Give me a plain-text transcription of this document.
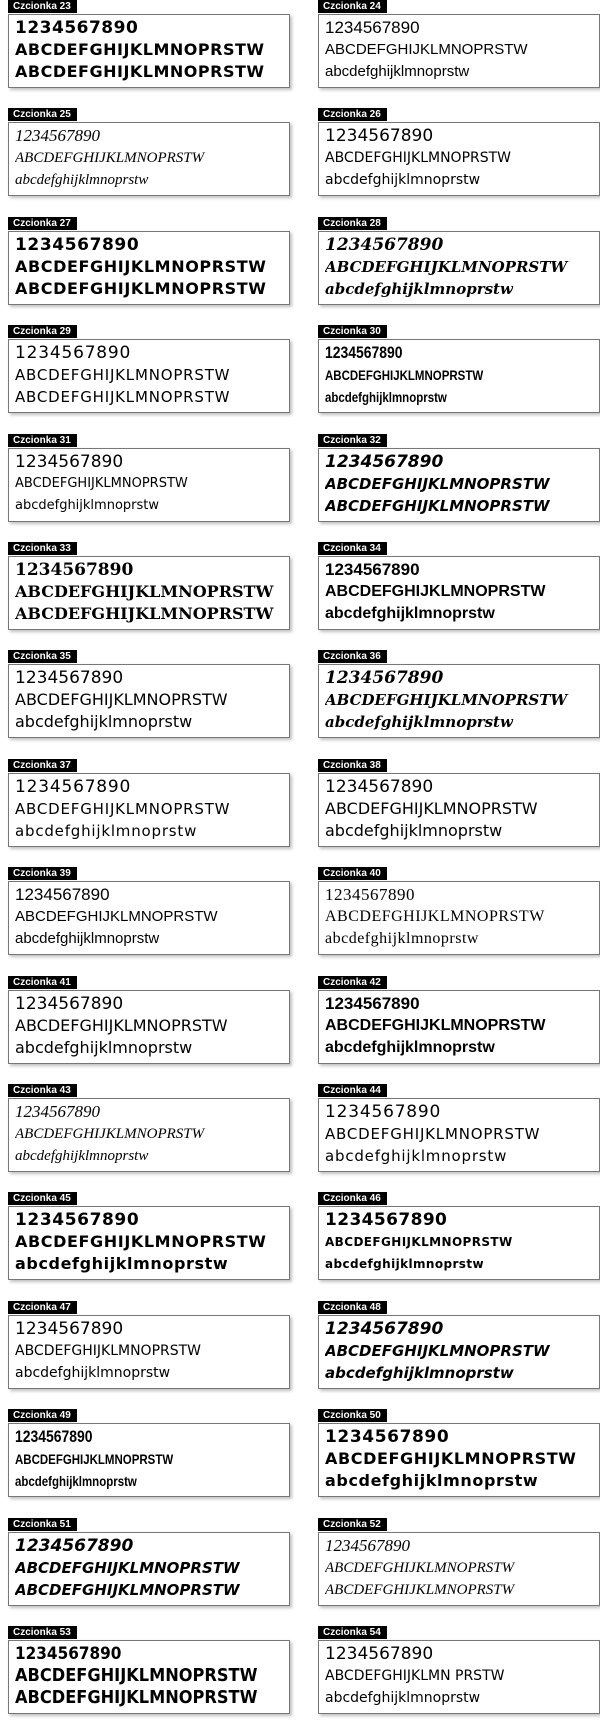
Czcionka 23
1234567890
ABCDEFGHIJKLMNOPRSTW
ABCDEFGHIJKLMNOPRSTW
Czcionka 24
1234567890
ABCDEFGHIJKLMNOPRSTW
abcdefghijklmnoprstw
Czcionka 25
1234567890
ABCDEFGHIJKLMNOPRSTW
abcdefghijklmnoprstw
Czcionka 26
1234567890
ABCDEFGHIJKLMNOPRSTW
abcdefghijklmnoprstw
Czcionka 27
1234567890
ABCDEFGHIJKLMNOPRSTW
ABCDEFGHIJKLMNOPRSTW
Czcionka 28
1234567890
ABCDEFGHIJKLMNOPRSTW
abcdefghijklmnoprstw
Czcionka 29
1234567890
ABCDEFGHIJKLMNOPRSTW
ABCDEFGHIJKLMNOPRSTW
Czcionka 30
1234567890
ABCDEFGHIJKLMNOPRSTW
abcdefghijklmnoprstw
Czcionka 31
1234567890
ABCDEFGHIJKLMNOPRSTW
abcdefghijklmnoprstw
Czcionka 32
1234567890
ABCDEFGHIJKLMNOPRSTW
ABCDEFGHIJKLMNOPRSTW
Czcionka 33
1234567890
ABCDEFGHIJKLMNOPRSTW
ABCDEFGHIJKLMNOPRSTW
Czcionka 34
1234567890
ABCDEFGHIJKLMNOPRSTW
abcdefghijklmnoprstw
Czcionka 35
1234567890
ABCDEFGHIJKLMNOPRSTW
abcdefghijklmnoprstw
Czcionka 36
1234567890
ABCDEFGHIJKLMNOPRSTW
abcdefghijklmnoprstw
Czcionka 37
1234567890
ABCDEFGHIJKLMNOPRSTW
abcdefghijklmnoprstw
Czcionka 38
1234567890
ABCDEFGHIJKLMNOPRSTW
abcdefghijklmnoprstw
Czcionka 39
1234567890
ABCDEFGHIJKLMNOPRSTW
abcdefghijklmnoprstw
Czcionka 40
1234567890
ABCDEFGHIJKLMNOPRSTW
abcdefghijklmnoprstw
Czcionka 41
1234567890
ABCDEFGHIJKLMNOPRSTW
abcdefghijklmnoprstw
Czcionka 42
1234567890
ABCDEFGHIJKLMNOPRSTW
abcdefghijklmnoprstw
Czcionka 43
1234567890
ABCDEFGHIJKLMNOPRSTW
abcdefghijklmnoprstw
Czcionka 44
1234567890
ABCDEFGHIJKLMNOPRSTW
abcdefghijklmnoprstw
Czcionka 45
1234567890
ABCDEFGHIJKLMNOPRSTW
abcdefghijklmnoprstw
Czcionka 46
1234567890
ABCDEFGHIJKLMNOPRSTW
abcdefghijklmnoprstw
Czcionka 47
1234567890
ABCDEFGHIJKLMNOPRSTW
abcdefghijklmnoprstw
Czcionka 48
1234567890
ABCDEFGHIJKLMNOPRSTW
abcdefghijklmnoprstw
Czcionka 49
1234567890
ABCDEFGHIJKLMNOPRSTW
abcdefghijklmnoprstw
Czcionka 50
1234567890
ABCDEFGHIJKLMNOPRSTW
abcdefghijklmnoprstw
Czcionka 51
1234567890
ABCDEFGHIJKLMNOPRSTW
ABCDEFGHIJKLMNOPRSTW
Czcionka 52
1234567890
ABCDEFGHIJKLMNOPRSTW
ABCDEFGHIJKLMNOPRSTW
Czcionka 53
1234567890
ABCDEFGHIJKLMNOPRSTW
ABCDEFGHIJKLMNOPRSTW
Czcionka 54
1234567890
ABCDEFGHIJKLMN PRSTW
abcdefghijklmnoprstw
